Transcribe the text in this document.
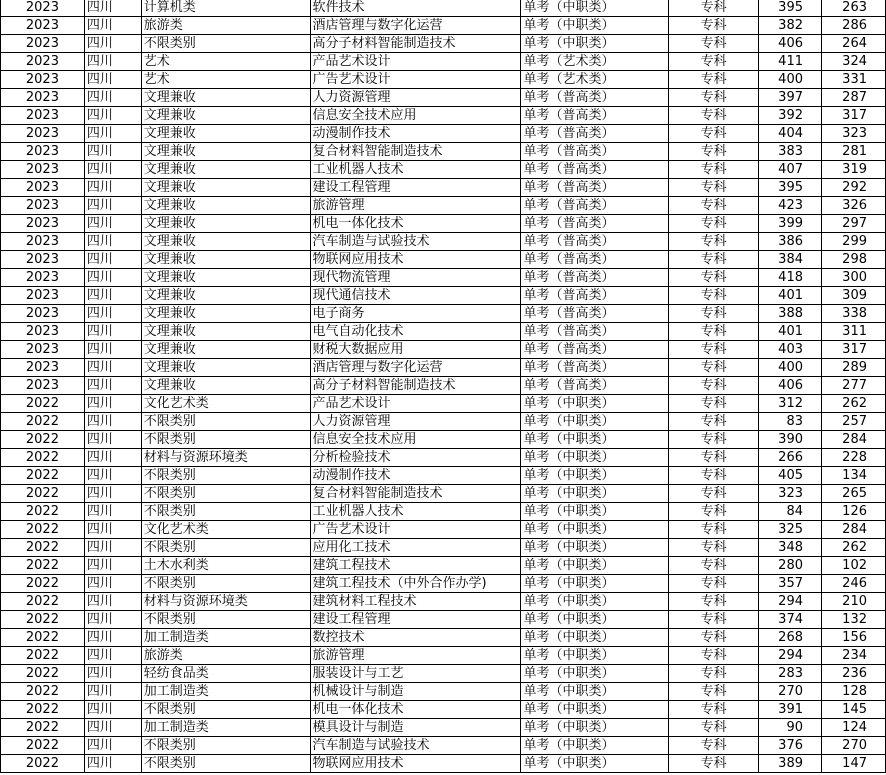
2023	四川	计算机类	软件技术	单考（中职类）	专科	395	263
2023	四川	旅游类	酒店管理与数字化运营	单考（中职类）	专科	382	286
2023	四川	不限类别	高分子材料智能制造技术	单考（中职类）	专科	406	264
2023	四川	艺术	产品艺术设计	单考（艺术类）	专科	411	324
2023	四川	艺术	广告艺术设计	单考（艺术类）	专科	400	331
2023	四川	文理兼收	人力资源管理	单考（普高类）	专科	397	287
2023	四川	文理兼收	信息安全技术应用	单考（普高类）	专科	392	317
2023	四川	文理兼收	动漫制作技术	单考（普高类）	专科	404	323
2023	四川	文理兼收	复合材料智能制造技术	单考（普高类）	专科	383	281
2023	四川	文理兼收	工业机器人技术	单考（普高类）	专科	407	319
2023	四川	文理兼收	建设工程管理	单考（普高类）	专科	395	292
2023	四川	文理兼收	旅游管理	单考（普高类）	专科	423	326
2023	四川	文理兼收	机电一体化技术	单考（普高类）	专科	399	297
2023	四川	文理兼收	汽车制造与试验技术	单考（普高类）	专科	386	299
2023	四川	文理兼收	物联网应用技术	单考（普高类）	专科	384	298
2023	四川	文理兼收	现代物流管理	单考（普高类）	专科	418	300
2023	四川	文理兼收	现代通信技术	单考（普高类）	专科	401	309
2023	四川	文理兼收	电子商务	单考（普高类）	专科	388	338
2023	四川	文理兼收	电气自动化技术	单考（普高类）	专科	401	311
2023	四川	文理兼收	财税大数据应用	单考（普高类）	专科	403	317
2023	四川	文理兼收	酒店管理与数字化运营	单考（普高类）	专科	400	289
2023	四川	文理兼收	高分子材料智能制造技术	单考（普高类）	专科	406	277
2022	四川	文化艺术类	产品艺术设计	单考（中职类）	专科	312	262
2022	四川	不限类别	人力资源管理	单考（中职类）	专科	83	257
2022	四川	不限类别	信息安全技术应用	单考（中职类）	专科	390	284
2022	四川	材料与资源环境类	分析检验技术	单考（中职类）	专科	266	228
2022	四川	不限类别	动漫制作技术	单考（中职类）	专科	405	134
2022	四川	不限类别	复合材料智能制造技术	单考（中职类）	专科	323	265
2022	四川	不限类别	工业机器人技术	单考（中职类）	专科	84	126
2022	四川	文化艺术类	广告艺术设计	单考（中职类）	专科	325	284
2022	四川	不限类别	应用化工技术	单考（中职类）	专科	348	262
2022	四川	土木水利类	建筑工程技术	单考（中职类）	专科	280	102
2022	四川	不限类别	建筑工程技术（中外合作办学)	单考（中职类）	专科	357	246
2022	四川	材料与资源环境类	建筑材料工程技术	单考（中职类）	专科	294	210
2022	四川	不限类别	建设工程管理	单考（中职类）	专科	374	132
2022	四川	加工制造类	数控技术	单考（中职类）	专科	268	156
2022	四川	旅游类	旅游管理	单考（中职类）	专科	294	234
2022	四川	轻纺食品类	服装设计与工艺	单考（中职类）	专科	283	236
2022	四川	加工制造类	机械设计与制造	单考（中职类）	专科	270	128
2022	四川	不限类别	机电一体化技术	单考（中职类）	专科	391	145
2022	四川	加工制造类	模具设计与制造	单考（中职类）	专科	90	124
2022	四川	不限类别	汽车制造与试验技术	单考（中职类）	专科	376	270
2022	四川	不限类别	物联网应用技术	单考（中职类）	专科	389	147
